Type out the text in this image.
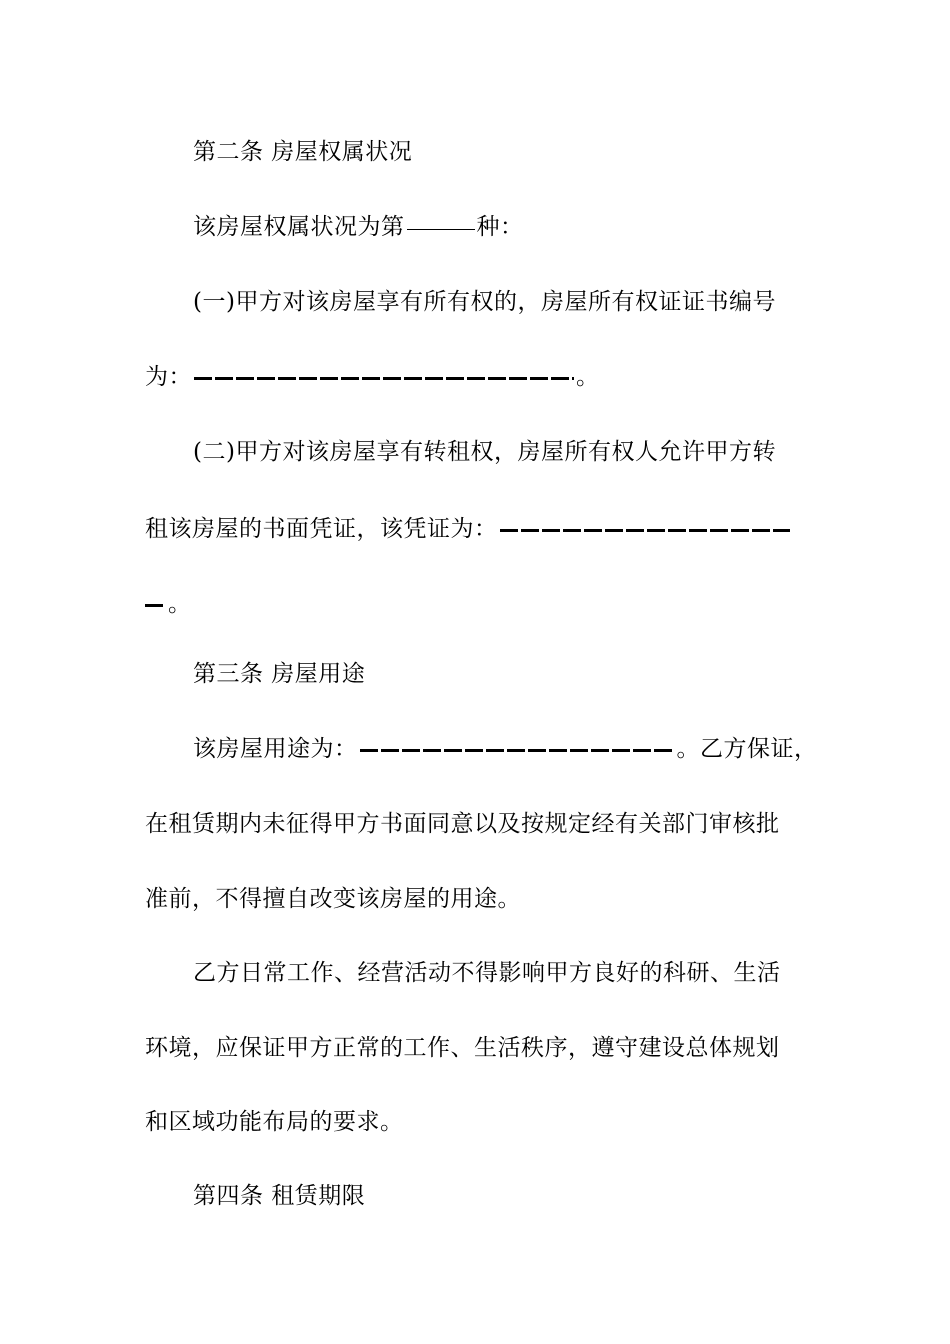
第二条 房屋权属状况
该房屋权属状况为第	种：
(一)甲方对该房屋享有所有权的，房屋所有权证证书编号
为：	。
(二)甲方对该房屋享有转租权，房屋所有权人允许甲方转
租该房屋的书面凭证，该凭证为：
。
第三条 房屋用途
该房屋用途为：	。乙方保证，
在租赁期内未征得甲方书面同意以及按规定经有关部门审核批
准前，不得擅自改变该房屋的用途。
乙方日常工作、经营活动不得影响甲方良好的科研、生活
环境，应保证甲方正常的工作、生活秩序，遵守建设总体规划
和区域功能布局的要求。
第四条 租赁期限
